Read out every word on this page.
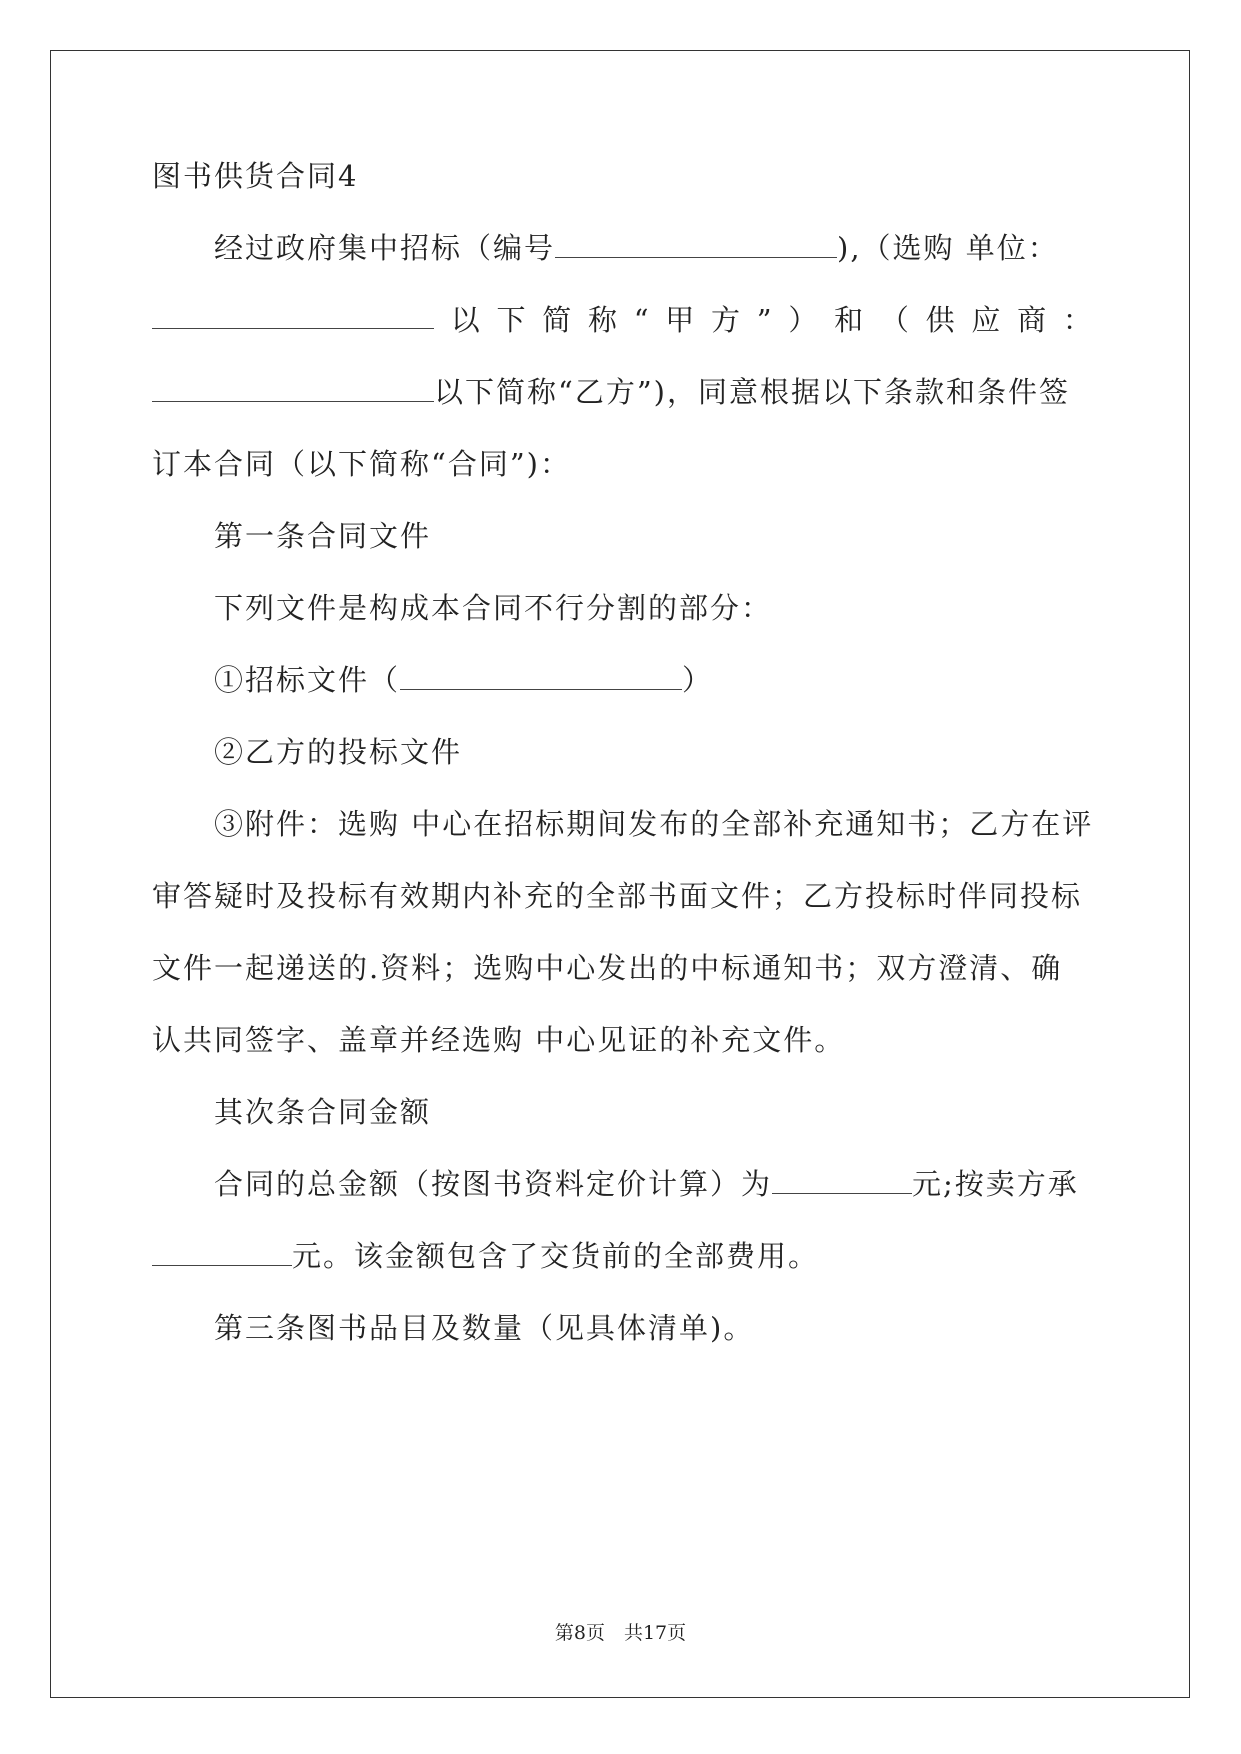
图书供货合同4
经过政府集中招标（编号	),（选购 单位：
以 下 简 称 “ 甲 方 ” ） 和 （ 供 应 商 ：
以下简称“乙方”)，同意根据以下条款和条件签
订本合同（以下简称“合同”)：
第一条合同文件
下列文件是构成本合同不行分割的部分：
①招标文件（	）
②乙方的投标文件
③附件：选购 中心在招标期间发布的全部补充通知书；乙方在评
审答疑时及投标有效期内补充的全部书面文件；乙方投标时伴同投标
文件一起递送的.资料；选购中心发出的中标通知书；双方澄清、确
认共同签字、盖章并经选购 中心见证的补充文件。
其次条合同金额
合同的总金额（按图书资料定价计算）为	元;按卖方承
元。该金额包含了交货前的全部费用。
第三条图书品目及数量（见具体清单)。
第8页　共17页
